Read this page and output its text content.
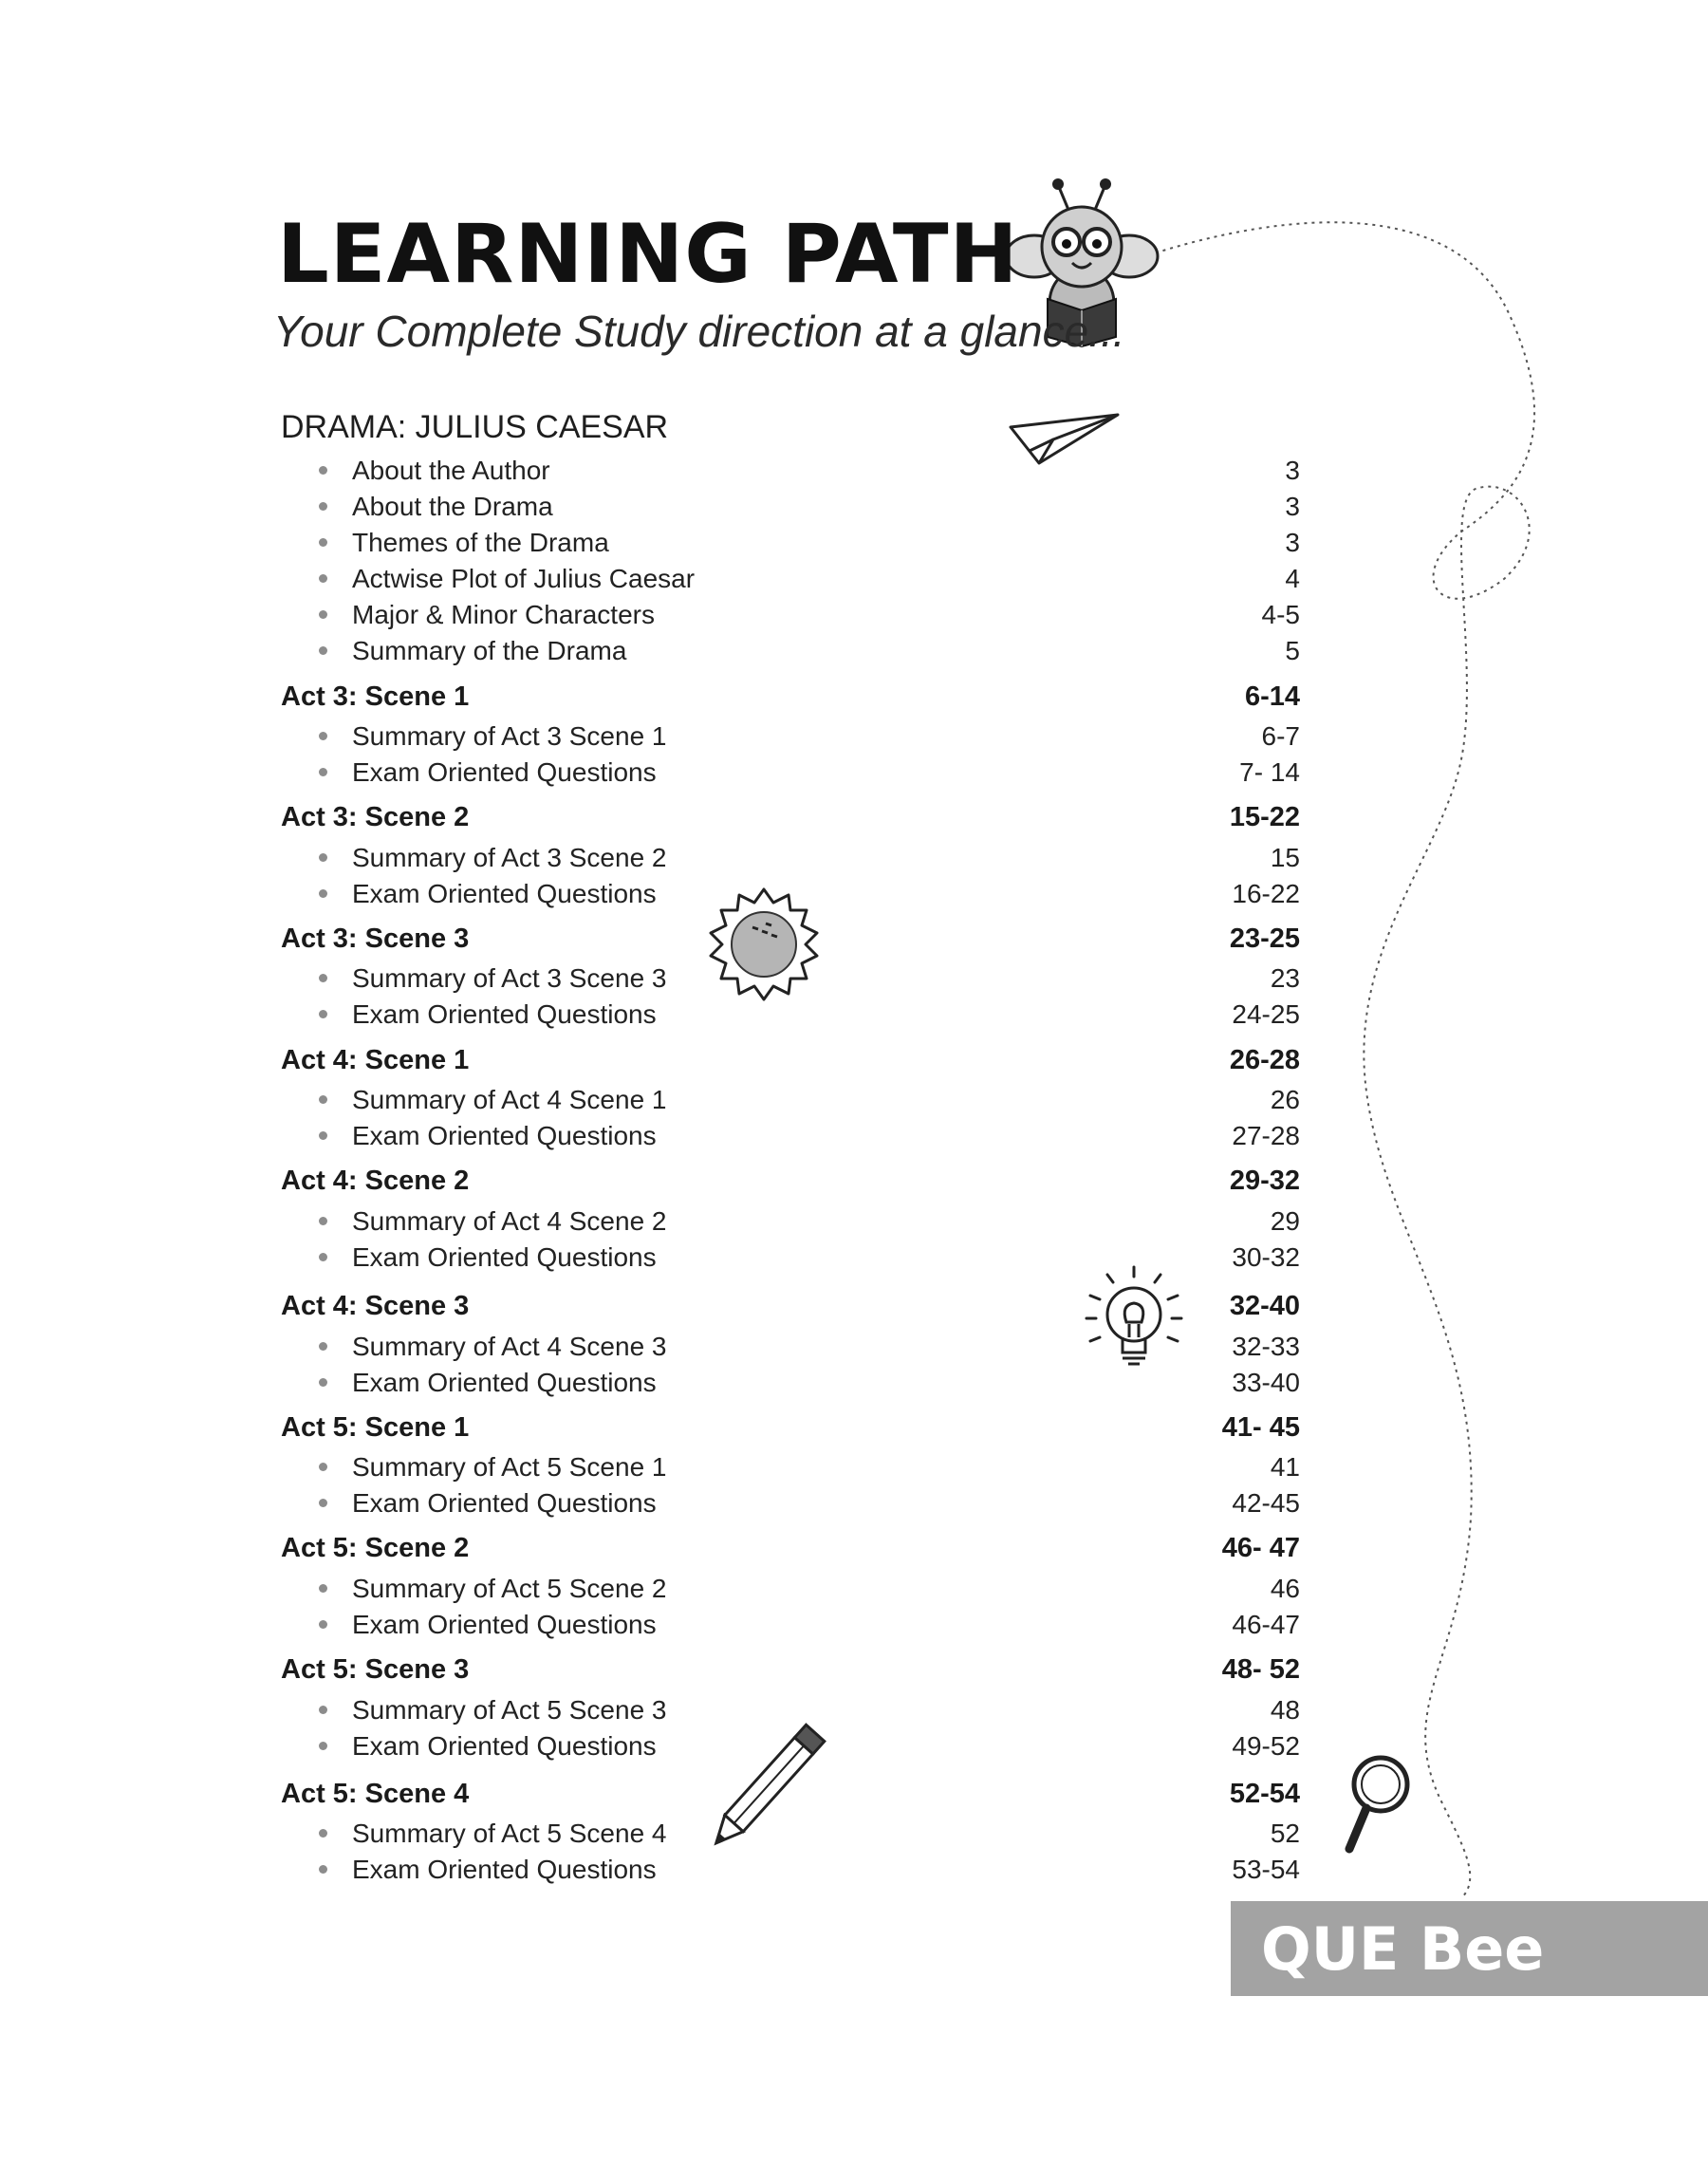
LEARNING PATH

Your Complete Study direction at a glance...

DRAMA: JULIUS CAESAR
About the Author	3
About the Drama	3
Themes of the Drama	3
Actwise Plot of Julius Caesar	4
Major & Minor Characters	4-5
Summary of the Drama	5
Act 3: Scene 1	6-14
Summary of Act 3 Scene 1	6-7
Exam Oriented Questions	7- 14
Act 3: Scene 2	15-22
Summary of Act 3 Scene 2	15
Exam Oriented Questions	16-22
Act 3: Scene 3	23-25
Summary of Act 3 Scene 3	23
Exam Oriented Questions	24-25
Act 4: Scene 1	26-28
Summary of Act 4 Scene 1	26
Exam Oriented Questions	27-28
Act 4: Scene 2	29-32
Summary of Act 4 Scene 2	29
Exam Oriented Questions	30-32
Act 4: Scene 3	32-40
Summary of Act 4 Scene 3	32-33
Exam Oriented Questions	33-40
Act 5: Scene 1	41- 45
Summary of Act 5 Scene 1	41
Exam Oriented Questions	42-45
Act 5: Scene 2	46- 47
Summary of Act 5 Scene 2	46
Exam Oriented Questions	46-47
Act 5: Scene 3	48- 52
Summary of Act 5 Scene 3	48
Exam Oriented Questions	49-52
Act 5: Scene 4	52-54
Summary of Act 5 Scene 4	52
Exam Oriented Questions	53-54
QUE Bee
